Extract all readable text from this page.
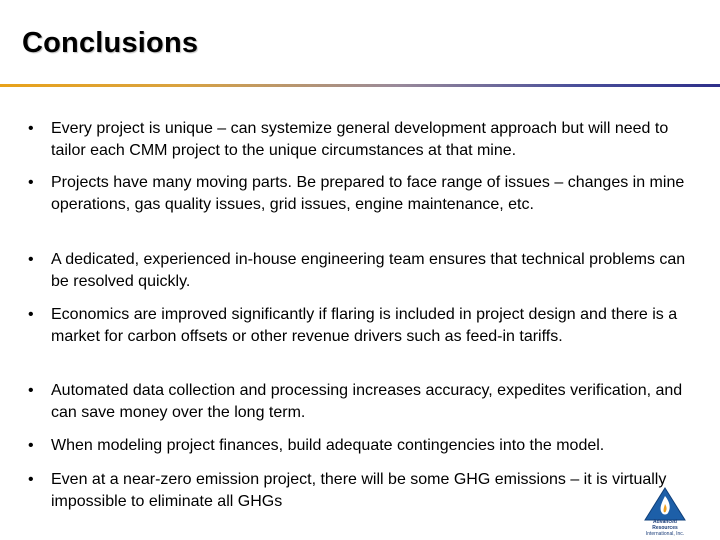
Conclusions
• Every project is unique – can systemize general development approach but will need to tailor each CMM project to the unique circumstances at that mine.
• Projects have many moving parts. Be prepared to face range of issues – changes in mine operations, gas quality issues, grid issues, engine maintenance, etc.
• A dedicated, experienced in-house engineering team ensures that technical problems can be resolved quickly.
• Economics are improved significantly if flaring is included in project design and there is a market for carbon offsets or other revenue drivers such as feed-in tariffs.
• Automated data collection and processing increases accuracy, expedites verification, and can save money over the long term.
• When modeling project finances, build adequate contingencies into the model.
• Even at a near-zero emission project, there will be some GHG emissions – it is virtually impossible to eliminate all GHGs
Advanced Resources
International, Inc.
